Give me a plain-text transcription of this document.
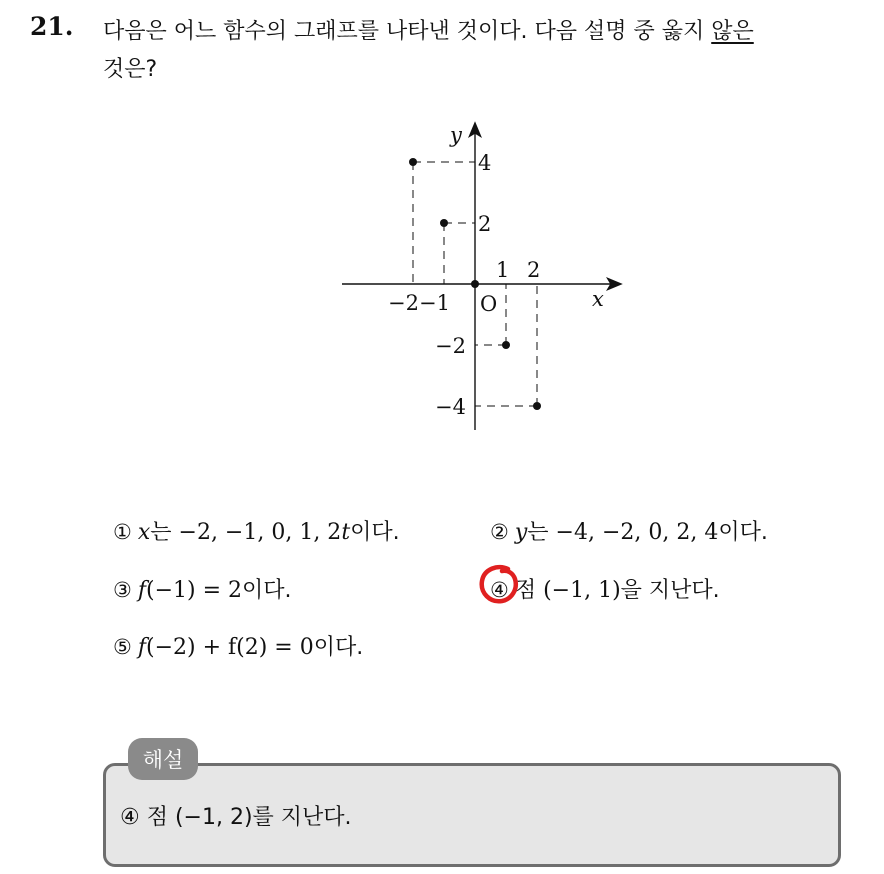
21. 다음은 어느 함수의 그래프를 나타낸 것이다. 다음 설명 중 옳지 않은
것은?
x
y
O
−2 −1
1 2
4
2
−2
−4
① x는 −2, −1, 0, 1, 2t이다.	② y는 −4, −2, 0, 2, 4이다.
③ f(−1) = 2이다.	④ 점 (−1, 1)을 지난다.
⑤ f(−2) + f(2) = 0이다.
해설
④ 점 (−1, 2)를 지난다.
